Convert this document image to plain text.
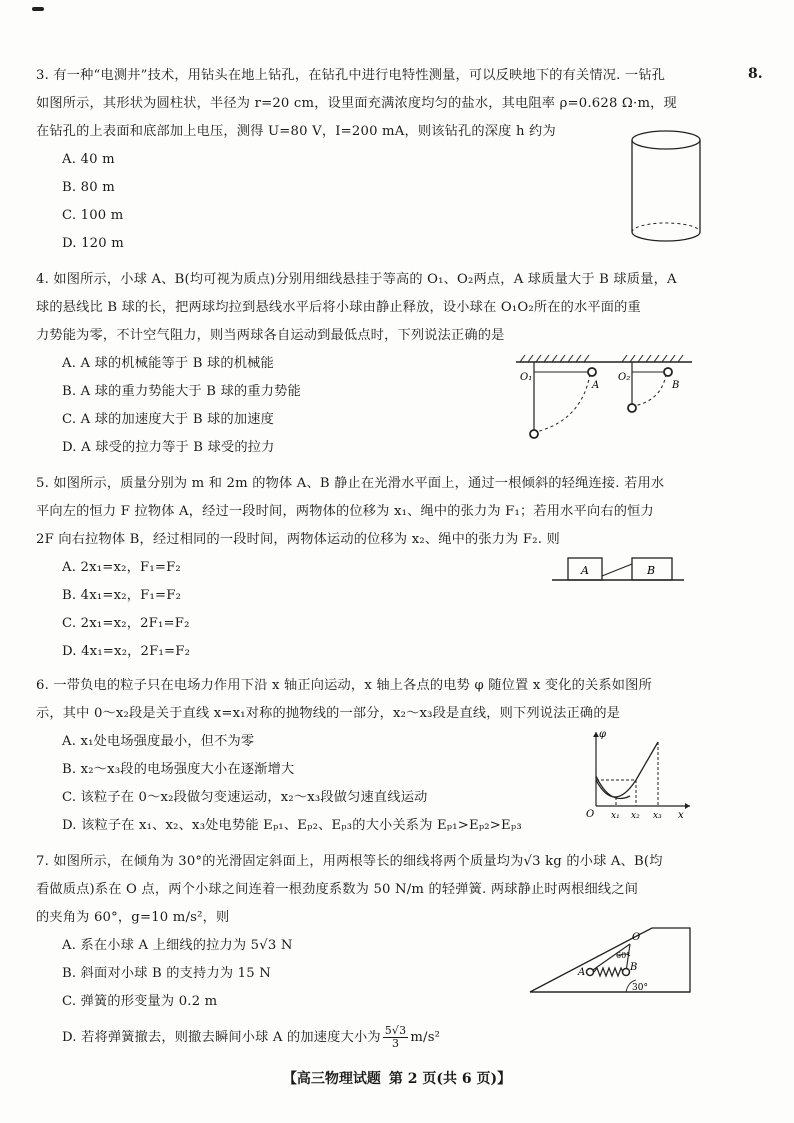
8.
3. 有一种“电测井”技术，用钻头在地上钻孔，在钻孔中进行电特性测量，可以反映地下的有关情况. 一钻孔
如图所示，其形状为圆柱状，半径为 r=20 cm，设里面充满浓度均匀的盐水，其电阻率 ρ=0.628 Ω·m，现
在钻孔的上表面和底部加上电压，测得 U=80 V，I=200 mA，则该钻孔的深度 h 约为
A. 40 m
B. 80 m
C. 100 m
D. 120 m
4. 如图所示，小球 A、B(均可视为质点)分别用细线悬挂于等高的 O₁、O₂两点，A 球质量大于 B 球质量，A
球的悬线比 B 球的长，把两球均拉到悬线水平后将小球由静止释放，设小球在 O₁O₂所在的水平面的重
力势能为零，不计空气阻力，则当两球各自运动到最低点时，下列说法正确的是
A. A 球的机械能等于 B 球的机械能
B. A 球的重力势能大于 B 球的重力势能
C. A 球的加速度大于 B 球的加速度
D. A 球受的拉力等于 B 球受的拉力
O₁
A
O₂
B
5. 如图所示，质量分别为 m 和 2m 的物体 A、B 静止在光滑水平面上，通过一根倾斜的轻绳连接. 若用水
平向左的恒力 F 拉物体 A，经过一段时间，两物体的位移为 x₁、绳中的张力为 F₁；若用水平向右的恒力
2F 向右拉物体 B，经过相同的一段时间，两物体运动的位移为 x₂、绳中的张力为 F₂. 则
A. 2x₁=x₂，F₁=F₂
B. 4x₁=x₂，F₁=F₂
C. 2x₁=x₂，2F₁=F₂
D. 4x₁=x₂，2F₁=F₂
A	B
6. 一带负电的粒子只在电场力作用下沿 x 轴正向运动，x 轴上各点的电势 φ 随位置 x 变化的关系如图所
示，其中 0～x₂段是关于直线 x=x₁对称的抛物线的一部分，x₂～x₃段是直线，则下列说法正确的是
A. x₁处电场强度最小，但不为零
B. x₂～x₃段的电场强度大小在逐渐增大
C. 该粒子在 0～x₂段做匀变速运动，x₂～x₃段做匀速直线运动
D. 该粒子在 x₁、x₂、x₃处电势能 Eₚ₁、Eₚ₂、Eₚ₃的大小关系为 Eₚ₁>Eₚ₂>Eₚ₃
φ
O x₁ x₂ x₃ x
7. 如图所示，在倾角为 30°的光滑固定斜面上，用两根等长的细线将两个质量均为√3 kg 的小球 A、B(均
看做质点)系在 O 点，两个小球之间连着一根劲度系数为 50 N/m 的轻弹簧. 两球静止时两根细线之间
的夹角为 60°，g=10 m/s²，则
A. 系在小球 A 上细线的拉力为 5√3 N
B. 斜面对小球 B 的支持力为 15 N
C. 弹簧的形变量为 0.2 m
D. 若将弹簧撤去，则撤去瞬间小球 A 的加速度大小为 $\frac{5√3}{3} m/s^2$
O
60°
A	B
30°
【高三物理试题 第 2 页(共 6 页)】
